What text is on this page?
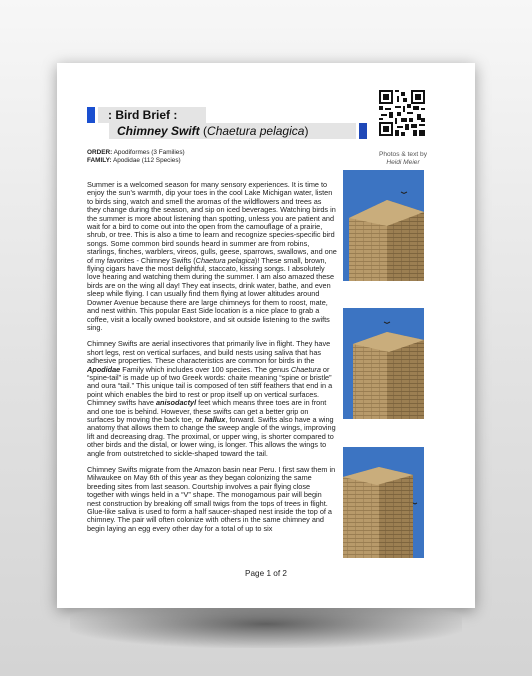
: Bird Brief :
Chimney Swift (Chaetura pelagica)
Photos & text by
Heidi Meier
ORDER: Apodiformes (3 Families)
FAMILY: Apodidae (112 Species)

Summer is a welcomed season for many sensory experiences. It is time to enjoy the sun’s warmth, dip your toes in the cool Lake Michigan water, listen to birds sing, watch and smell the aromas of the wildflowers and trees as they change during the season, and sip on iced beverages. Watching birds in the summer is more about listening than spotting, unless you are patient and wait for a bird to come out into the open from the camouflage of a prairie, shrub, or tree. This is also a time to learn and recognize species-specific bird songs. Some common bird sounds heard in summer are from robins, starlings, finches, warblers, vireos, gulls, geese, sparrows, swallows, and one of my favorites - Chimney Swifts (Chaetura pelagica)! These small, brown, flying cigars have the most delightful, staccato, kissing songs. I absolutely love hearing and watching them during the summer. I am also amazed these birds are on the wing all day! They eat insects, drink water, bathe, and even sleep while flying. I can usually find them flying at lower altitudes around Downer Avenue because there are large chimneys for them to roost, mate, and nest within. This popular East Side location is a nice place to grab a coffee, visit a locally owned bookstore, and sit outside listening to the swifts sing.

Chimney Swifts are aerial insectivores that primarily live in flight. They have short legs, rest on vertical surfaces, and build nests using saliva that has adhesive properties. These characteristics are common for birds in the Apodidae Family which includes over 100 species. The genus Chaetura or “spine-tail” is made up of two Greek words: chaite meaning “spine or bristle” and oura “tail.” This unique tail is composed of ten stiff feathers that end in a point which enables the bird to rest or prop itself up on vertical surfaces. Chimney swifts have anisodactyl feet which means three toes are in front and one toe is behind. However, these swifts can get a better grip on surfaces by moving the back toe, or hallux, forward. Swifts also have a wing anatomy that allows them to change the sweep angle of the wings, improving lift and decreasing drag. The proximal, or upper wing, is shorter compared to other birds and the distal, or lower wing, is longer. This allows the wings to angle from outstretched to sickle-shaped toward the tail.

Chimney Swifts migrate from the Amazon basin near Peru. I first saw them in Milwaukee on May 6th of this year as they began colonizing the same breeding sites from last season. Courtship involves a pair flying close together with wings held in a “V” shape. The monogamous pair will begin nest construction by breaking off small twigs from the tops of trees in flight. Glue-like saliva is used to form a half saucer-shaped nest inside the top of a chimney. The pair will often colonize with others in the same chimney and begin laying an egg every other day for a total of up to six

Page 1 of 2
